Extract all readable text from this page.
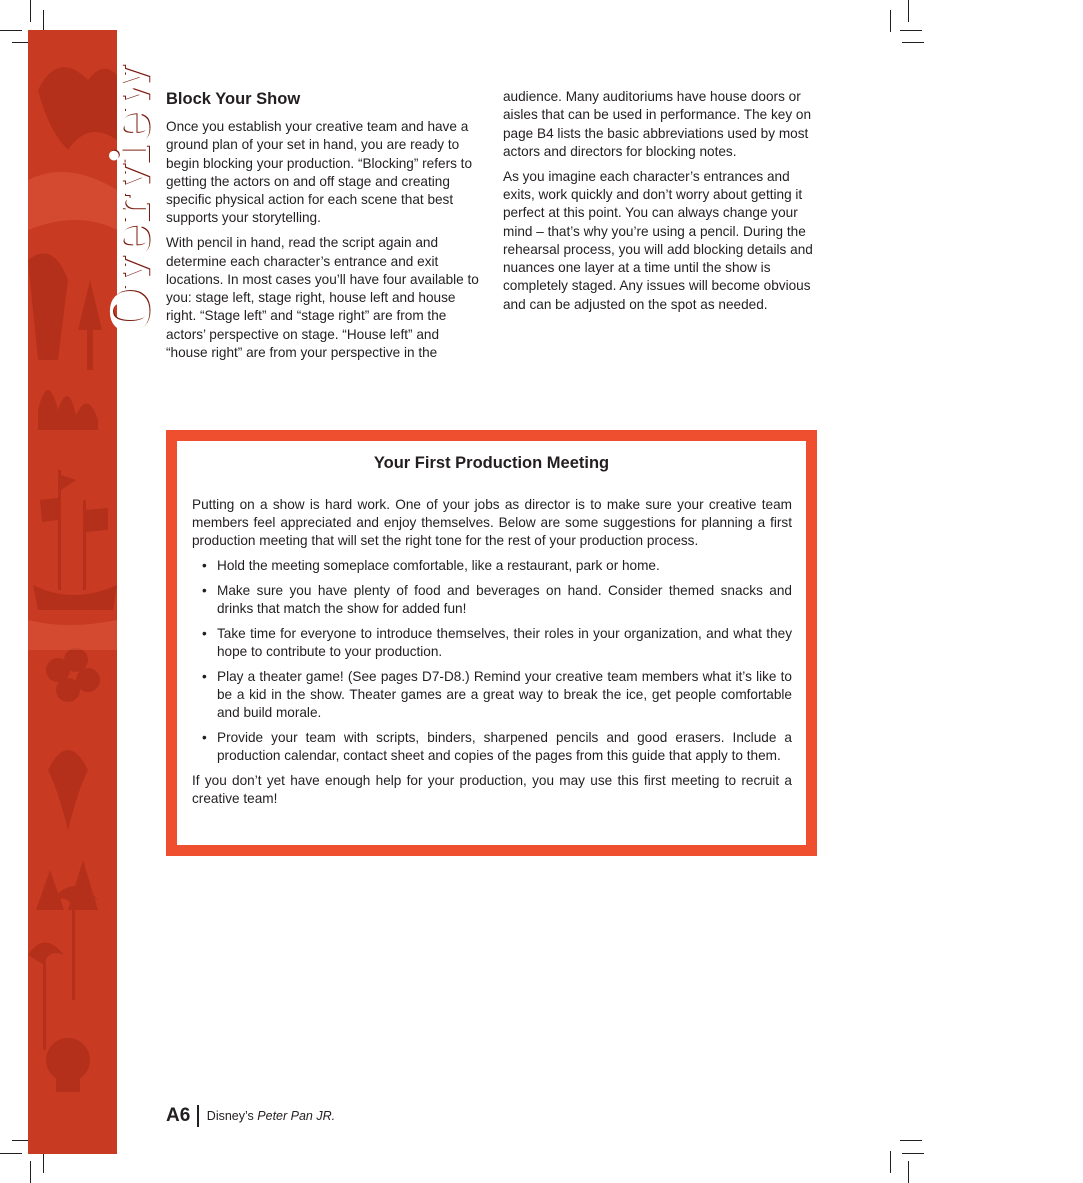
Overview Block Your Show

Once you establish your creative team and have a ground plan of your set in hand, you are ready to begin blocking your production. “Blocking” refers to getting the actors on and off stage and creating specific physical action for each scene that best supports your storytelling.

With pencil in hand, read the script again and determine each character’s entrance and exit locations. In most cases you’ll have four available to you: stage left, stage right, house left and house right. “Stage left” and “stage right” are from the actors’ perspective on stage. “House left” and “house right” are from your perspective in the

audience. Many auditoriums have house doors or aisles that can be used in performance. The key on page B4 lists the basic abbreviations used by most actors and directors for blocking notes.

As you imagine each character’s entrances and exits, work quickly and don’t worry about getting it perfect at this point. You can always change your mind – that’s why you’re using a pencil. During the rehearsal process, you will add blocking details and nuances one layer at a time until the show is completely staged. Any issues will become obvious and can be adjusted on the spot as needed.

Your First Production Meeting

Putting on a show is hard work. One of your jobs as director is to make sure your creative team members feel appreciated and enjoy themselves. Below are some suggestions for planning a first production meeting that will set the right tone for the rest of your production process.

• Hold the meeting someplace comfortable, like a restaurant, park or home.
• Make sure you have plenty of food and beverages on hand. Consider themed snacks and drinks that match the show for added fun!
• Take time for everyone to introduce themselves, their roles in your organization, and what they hope to contribute to your production.
• Play a theater game! (See pages D7-D8.) Remind your creative team members what it’s like to be a kid in the show. Theater games are a great way to break the ice, get people comfortable and build morale.
• Provide your team with scripts, binders, sharpened pencils and good erasers. Include a production calendar, contact sheet and copies of the pages from this guide that apply to them.

If you don’t yet have enough help for your production, you may use this first meeting to recruit a creative team!

A6 Disney’s Peter Pan JR.
